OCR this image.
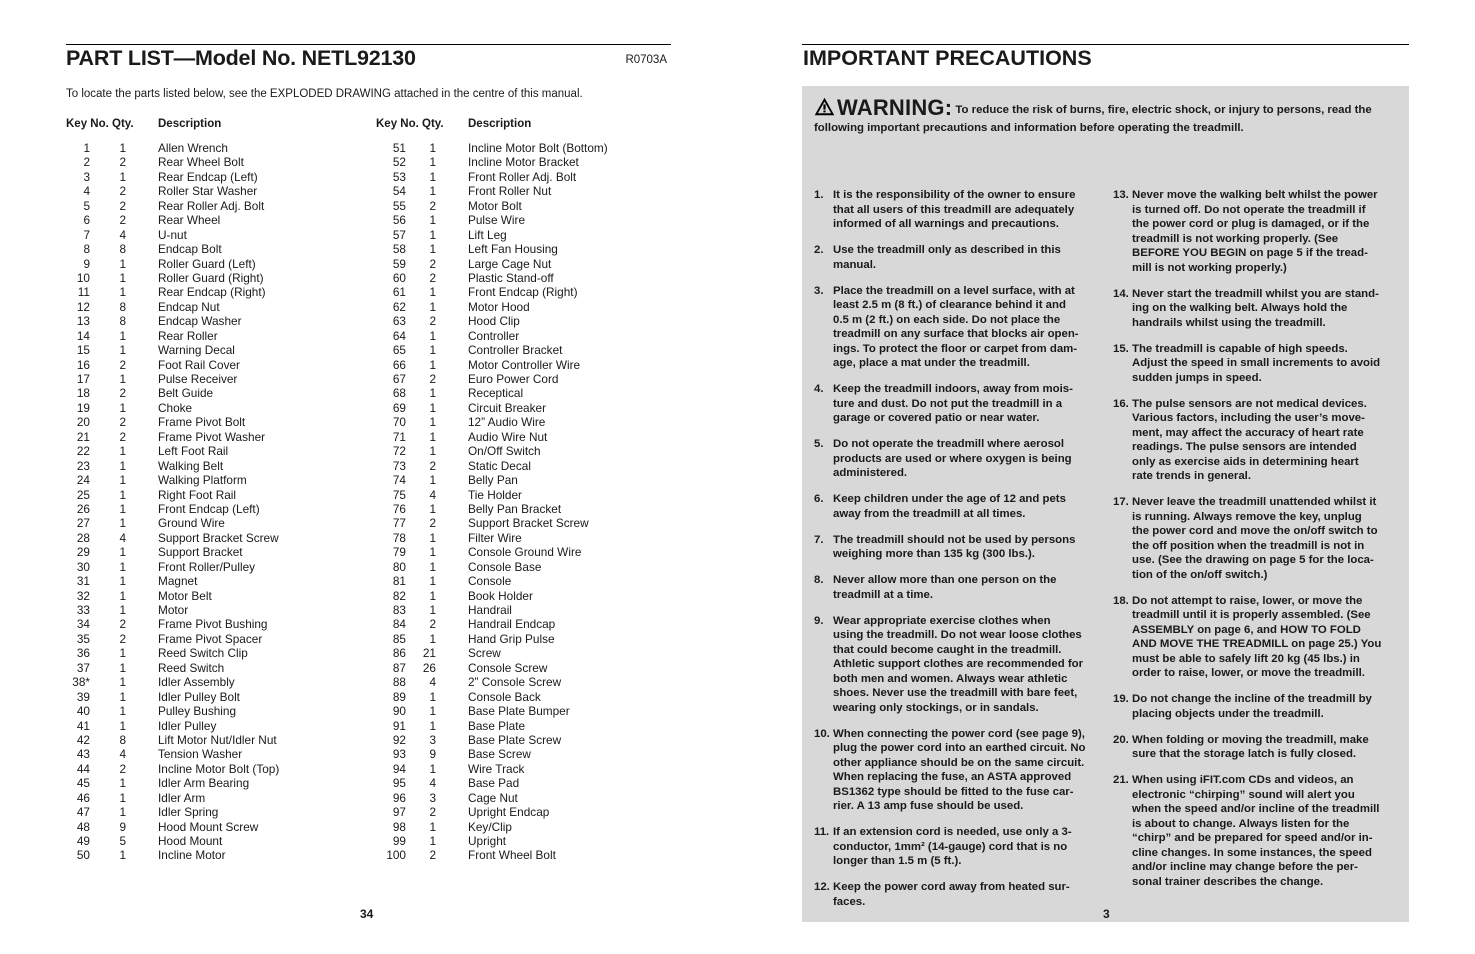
PART LIST—Model No. NETL92130	R0703A
To locate the parts listed below, see the EXPLODED DRAWING attached in the centre of this manual.
Key No. Qty. Description	Key No. Qty. Description
1	1	Allen Wrench
2	2	Rear Wheel Bolt
3	1	Rear Endcap (Left)
4	2	Roller Star Washer
5	2	Rear Roller Adj. Bolt
6	2	Rear Wheel
7	4	U-nut
8	8	Endcap Bolt
9	1	Roller Guard (Left)
10	1	Roller Guard (Right)
11	1	Rear Endcap (Right)
12	8	Endcap Nut
13	8	Endcap Washer
14	1	Rear Roller
15	1	Warning Decal
16	2	Foot Rail Cover
17	1	Pulse Receiver
18	2	Belt Guide
19	1	Choke
20	2	Frame Pivot Bolt
21	2	Frame Pivot Washer
22	1	Left Foot Rail
23	1	Walking Belt
24	1	Walking Platform
25	1	Right Foot Rail
26	1	Front Endcap (Left)
27	1	Ground Wire
28	4	Support Bracket Screw
29	1	Support Bracket
30	1	Front Roller/Pulley
31	1	Magnet
32	1	Motor Belt
33	1	Motor
34	2	Frame Pivot Bushing
35	2	Frame Pivot Spacer
36	1	Reed Switch Clip
37	1	Reed Switch
38*	1	Idler Assembly
39	1	Idler Pulley Bolt
40	1	Pulley Bushing
41	1	Idler Pulley
42	8	Lift Motor Nut/Idler Nut
43	4	Tension Washer
44	2	Incline Motor Bolt (Top)
45	1	Idler Arm Bearing
46	1	Idler Arm
47	1	Idler Spring
48	9	Hood Mount Screw
49	5	Hood Mount
50	1	Incline Motor
51	1	Incline Motor Bolt (Bottom)
52	1	Incline Motor Bracket
53	1	Front Roller Adj. Bolt
54	1	Front Roller Nut
55	2	Motor Bolt
56	1	Pulse Wire
57	1	Lift Leg
58	1	Left Fan Housing
59	2	Large Cage Nut
60	2	Plastic Stand-off
61	1	Front Endcap (Right)
62	1	Motor Hood
63	2	Hood Clip
64	1	Controller
65	1	Controller Bracket
66	1	Motor Controller Wire
67	2	Euro Power Cord
68	1	Receptical
69	1	Circuit Breaker
70	1	12” Audio Wire
71	1	Audio Wire Nut
72	1	On/Off Switch
73	2	Static Decal
74	1	Belly Pan
75	4	Tie Holder
76	1	Belly Pan Bracket
77	2	Support Bracket Screw
78	1	Filter Wire
79	1	Console Ground Wire
80	1	Console Base
81	1	Console
82	1	Book Holder
83	1	Handrail
84	2	Handrail Endcap
85	1	Hand Grip Pulse
86	21	Screw
87	26	Console Screw
88	4	2” Console Screw
89	1	Console Back
90	1	Base Plate Bumper
91	1	Base Plate
92	3	Base Plate Screw
93	9	Base Screw
94	1	Wire Track
95	4	Base Pad
96	3	Cage Nut
97	2	Upright Endcap
98	1	Key/Clip
99	1	Upright
100	2	Front Wheel Bolt
34
IMPORTANT PRECAUTIONS
WARNING: To reduce the risk of burns, fire, electric shock, or injury to persons, read the following important precautions and information before operating the treadmill.
1. It is the responsibility of the owner to ensure
that all users of this treadmill are adequately
informed of all warnings and precautions.
2. Use the treadmill only as described in this
manual.
3. Place the treadmill on a level surface, with at
least 2.5 m (8 ft.) of clearance behind it and
0.5 m (2 ft.) on each side. Do not place the
treadmill on any surface that blocks air open-
ings. To protect the floor or carpet from dam-
age, place a mat under the treadmill.
4. Keep the treadmill indoors, away from mois-
ture and dust. Do not put the treadmill in a
garage or covered patio or near water.
5. Do not operate the treadmill where aerosol
products are used or where oxygen is being
administered.
6. Keep children under the age of 12 and pets
away from the treadmill at all times.
7. The treadmill should not be used by persons
weighing more than 135 kg (300 lbs.).
8. Never allow more than one person on the
treadmill at a time.
9. Wear appropriate exercise clothes when
using the treadmill. Do not wear loose clothes
that could become caught in the treadmill.
Athletic support clothes are recommended for
both men and women. Always wear athletic
shoes. Never use the treadmill with bare feet,
wearing only stockings, or in sandals.
10. When connecting the power cord (see page 9),
plug the power cord into an earthed circuit. No
other appliance should be on the same circuit.
When replacing the fuse, an ASTA approved
BS1362 type should be fitted to the fuse car-
rier. A 13 amp fuse should be used.
11. If an extension cord is needed, use only a 3-
conductor, 1mm² (14-gauge) cord that is no
longer than 1.5 m (5 ft.).
12. Keep the power cord away from heated sur-
faces.
13. Never move the walking belt whilst the power
is turned off. Do not operate the treadmill if
the power cord or plug is damaged, or if the
treadmill is not working properly. (See
BEFORE YOU BEGIN on page 5 if the tread-
mill is not working properly.)
14. Never start the treadmill whilst you are stand-
ing on the walking belt. Always hold the
handrails whilst using the treadmill.
15. The treadmill is capable of high speeds.
Adjust the speed in small increments to avoid
sudden jumps in speed.
16. The pulse sensors are not medical devices.
Various factors, including the user’s move-
ment, may affect the accuracy of heart rate
readings. The pulse sensors are intended
only as exercise aids in determining heart
rate trends in general.
17. Never leave the treadmill unattended whilst it
is running. Always remove the key, unplug
the power cord and move the on/off switch to
the off position when the treadmill is not in
use. (See the drawing on page 5 for the loca-
tion of the on/off switch.)
18. Do not attempt to raise, lower, or move the
treadmill until it is properly assembled. (See
ASSEMBLY on page 6, and HOW TO FOLD
AND MOVE THE TREADMILL on page 25.) You
must be able to safely lift 20 kg (45 lbs.) in
order to raise, lower, or move the treadmill.
19. Do not change the incline of the treadmill by
placing objects under the treadmill.
20. When folding or moving the treadmill, make
sure that the storage latch is fully closed.
21. When using iFIT.com CDs and videos, an
electronic “chirping” sound will alert you
when the speed and/or incline of the treadmill
is about to change. Always listen for the
“chirp” and be prepared for speed and/or in-
cline changes. In some instances, the speed
and/or incline may change before the per-
sonal trainer describes the change.
3
